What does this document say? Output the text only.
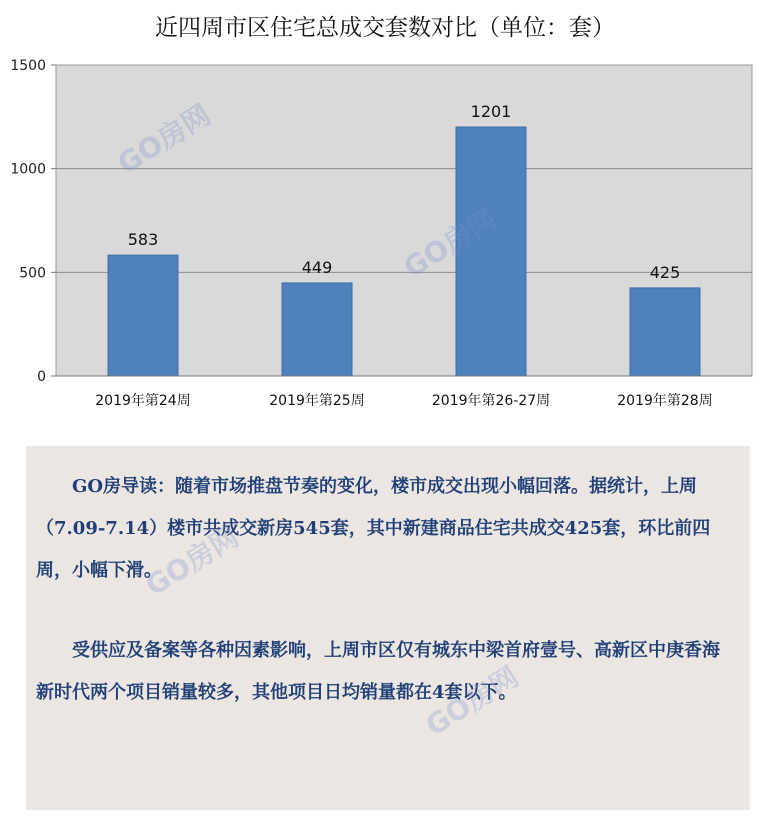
近四周市区住宅总成交套数对比（单位：套）
0
500
1000
1500
583
2019年第24周
449
2019年第25周
1201
2019年第26-27周
425
2019年第28周

GO房导读：随着市场推盘节奏的变化，楼市成交出现小幅回落。据统计，上周（7.09-7.14）楼市共成交新房545套，其中新建商品住宅共成交425套，环比前四周，小幅下滑。

受供应及备案等各种因素影响，上周市区仅有城东中梁首府壹号、高新区中庚香海新时代两个项目销量较多，其他项目日均销量都在4套以下。

GO房网
GO房网
GO房网
GO房网
